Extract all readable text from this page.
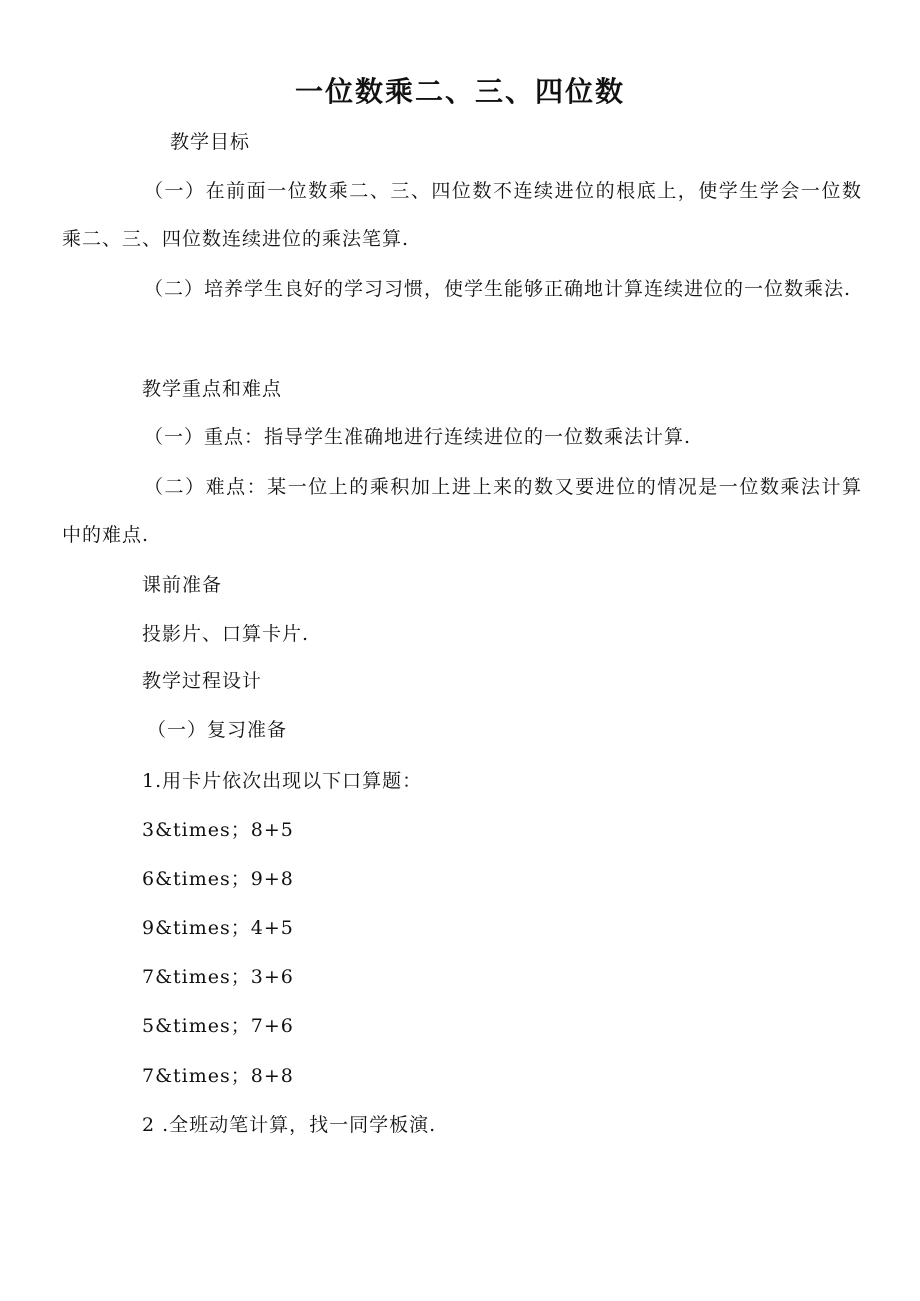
一位数乘二、三、四位数
教学目标
（一）在前面一位数乘二、三、四位数不连续进位的根底上，使学生学会一位数乘二、三、四位数连续进位的乘法笔算.
（二）培养学生良好的学习习惯，使学生能够正确地计算连续进位的一位数乘法.
教学重点和难点
（一）重点：指导学生准确地进行连续进位的一位数乘法计算.
（二）难点：某一位上的乘积加上进上来的数又要进位的情况是一位数乘法计算中的难点.
课前准备
投影片、口算卡片.
教学过程设计
（一）复习准备
1.用卡片依次出现以下口算题：
3&times；8+5
6&times；9+8
9&times；4+5
7&times；3+6
5&times；7+6
7&times；8+8
2 .全班动笔计算，找一同学板演.
